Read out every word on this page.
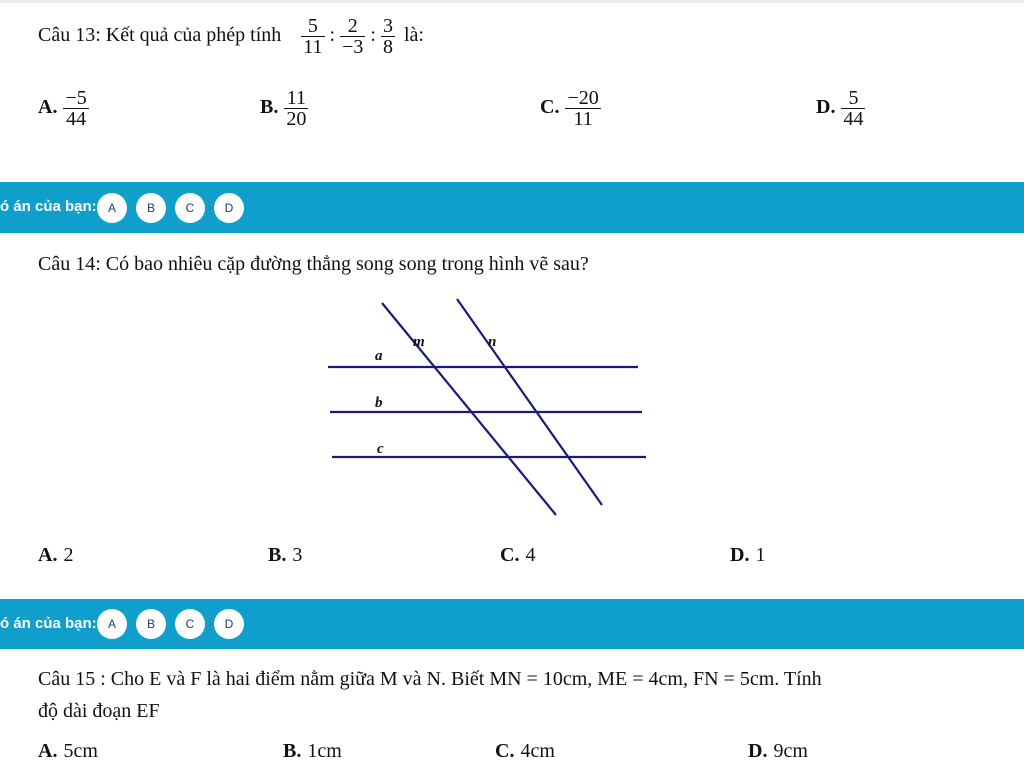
Câu 13: Kết quả của phép tính $\frac{5}{11}$ : $\frac{2}{-3}$ : $\frac{3}{8}$ là:
A. $\frac{-5}{44}$	B. $\frac{11}{20}$	C. $\frac{-20}{11}$	D. $\frac{5}{44}$
ó án của bạn: A	B	C	D
Câu 14: Có bao nhiêu cặp đường thẳng song song trong hình vẽ sau?
m	n
a
b
c
A. 2	B. 3	C. 4	D. 1
ó án của bạn: A	B	C	D
Câu 15 : Cho E và F là hai điểm nằm giữa M và N. Biết MN = 10cm, ME = 4cm, FN = 5cm. Tính
độ dài đoạn EF
A. 5cm	B. 1cm	C. 4cm	D. 9cm
